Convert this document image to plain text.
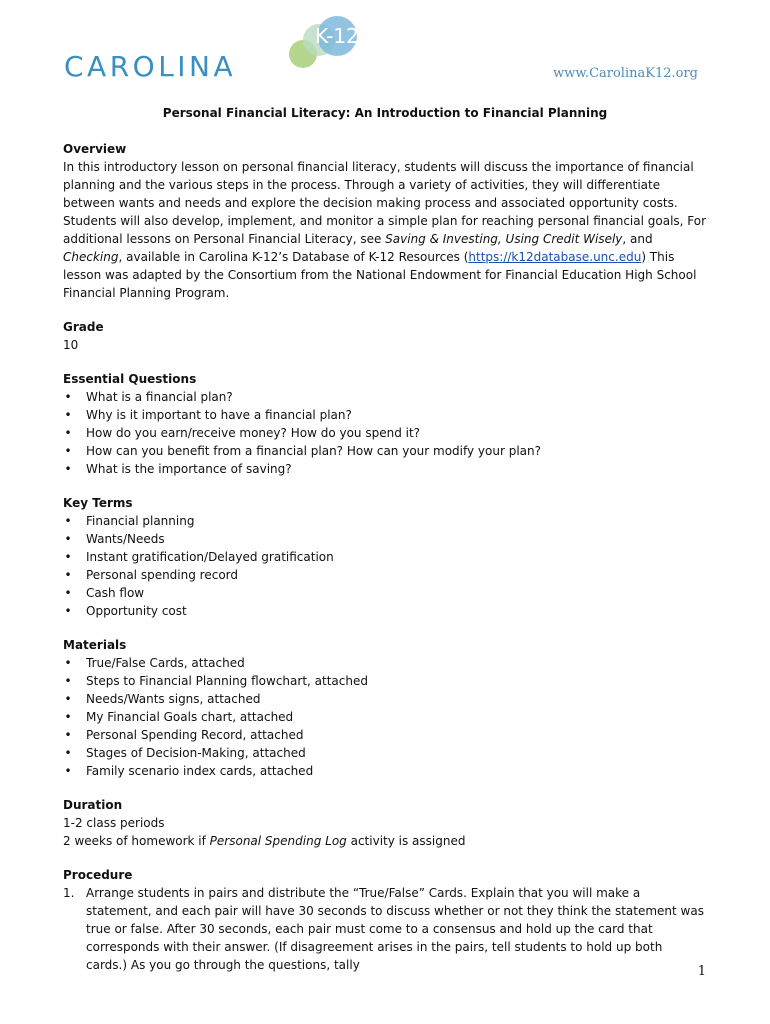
CAROLINA
K-12
www.CarolinaK12.org

Personal Financial Literacy: An Introduction to Financial Planning

Overview

In this introductory lesson on personal financial literacy, students will discuss the importance of financial planning and the various steps in the process. Through a variety of activities, they will differentiate between wants and needs and explore the decision making process and associated opportunity costs. Students will also develop, implement, and monitor a simple plan for reaching personal financial goals, For additional lessons on Personal Financial Literacy, see Saving & Investing, Using Credit Wisely, and Checking, available in Carolina K-12’s Database of K-12 Resources (https://k12database.unc.edu) This lesson was adapted by the Consortium from the National Endowment for Financial Education High School Financial Planning Program.

Grade

10

Essential Questions

• What is a financial plan?
• Why is it important to have a financial plan?
• How do you earn/receive money? How do you spend it?
• How can you benefit from a financial plan? How can your modify your plan?
• What is the importance of saving?

Key Terms

• Financial planning
• Wants/Needs
• Instant gratification/Delayed gratification
• Personal spending record
• Cash flow
• Opportunity cost

Materials

• True/False Cards, attached
• Steps to Financial Planning flowchart, attached
• Needs/Wants signs, attached
• My Financial Goals chart, attached
• Personal Spending Record, attached
• Stages of Decision-Making, attached
• Family scenario index cards, attached

Duration

1-2 class periods

2 weeks of homework if Personal Spending Log activity is assigned

Procedure

1. Arrange students in pairs and distribute the “True/False” Cards. Explain that you will make a statement, and each pair will have 30 seconds to discuss whether or not they think the statement was true or false. After 30 seconds, each pair must come to a consensus and hold up the card that corresponds with their answer. (If disagreement arises in the pairs, tell students to hold up both cards.) As you go through the questions, tally	1
